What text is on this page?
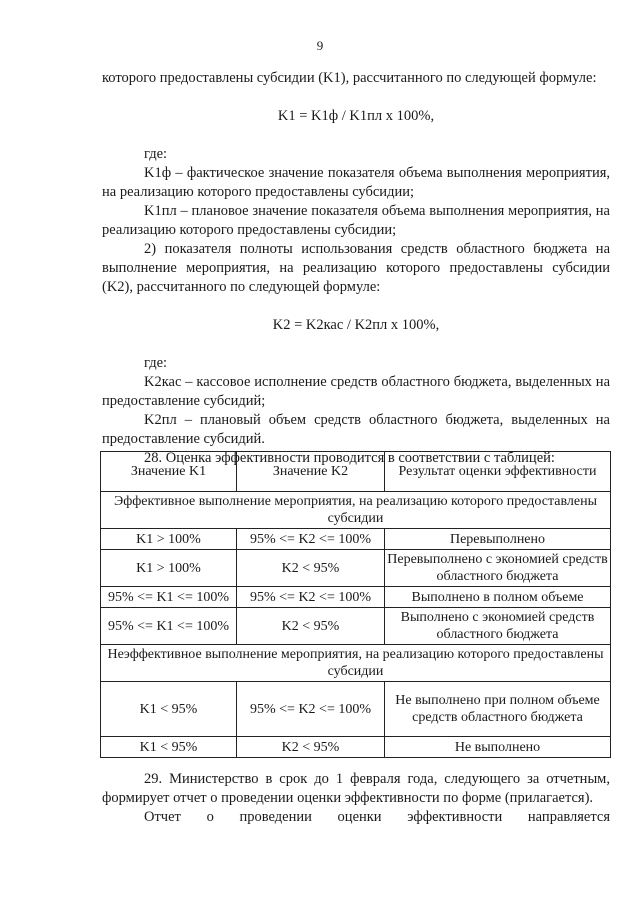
9

которого предоставлены субсидии (K1), рассчитанного по следующей формуле:

K1 = K1ф / K1пл х 100%,

где:

K1ф – фактическое значение показателя объема выполнения мероприятия, на реализацию которого предоставлены субсидии;

K1пл – плановое значение показателя объема выполнения мероприятия, на реализацию которого предоставлены субсидии;

2) показателя полноты использования средств областного бюджета на выполнение мероприятия, на реализацию которого предоставлены субсидии (K2), рассчитанного по следующей формуле:

K2 = K2кас / K2пл х 100%,

где:

K2кас – кассовое исполнение средств областного бюджета, выделенных на предоставление субсидий;

K2пл – плановый объем средств областного бюджета, выделенных на предоставление субсидий.

28. Оценка эффективности проводится в соответствии с таблицей:

Значение K1	Значение K2	Результат оценки эффективности
Эффективное выполнение мероприятия, на реализацию которого предоставлены субсидии		
K1 > 100%	95% <= K2 <= 100%	Перевыполнено
K1 > 100%	K2 < 95%	Перевыполнено с экономией средств областного бюджета
95% <= K1 <= 100%	95% <= K2 <= 100%	Выполнено в полном объеме
95% <= K1 <= 100%	K2 < 95%	Выполнено с экономией средств областного бюджета
Неэффективное выполнение мероприятия, на реализацию которого предоставлены субсидии		
K1 < 95%	95% <= K2 <= 100%	Не выполнено при полном объеме средств областного бюджета
K1 < 95%	K2 < 95%	Не выполнено

29. Министерство в срок до 1 февраля года, следующего за отчетным, формирует отчет о проведении оценки эффективности по форме (прилагается).

Отчет о проведении оценки эффективности направляется
